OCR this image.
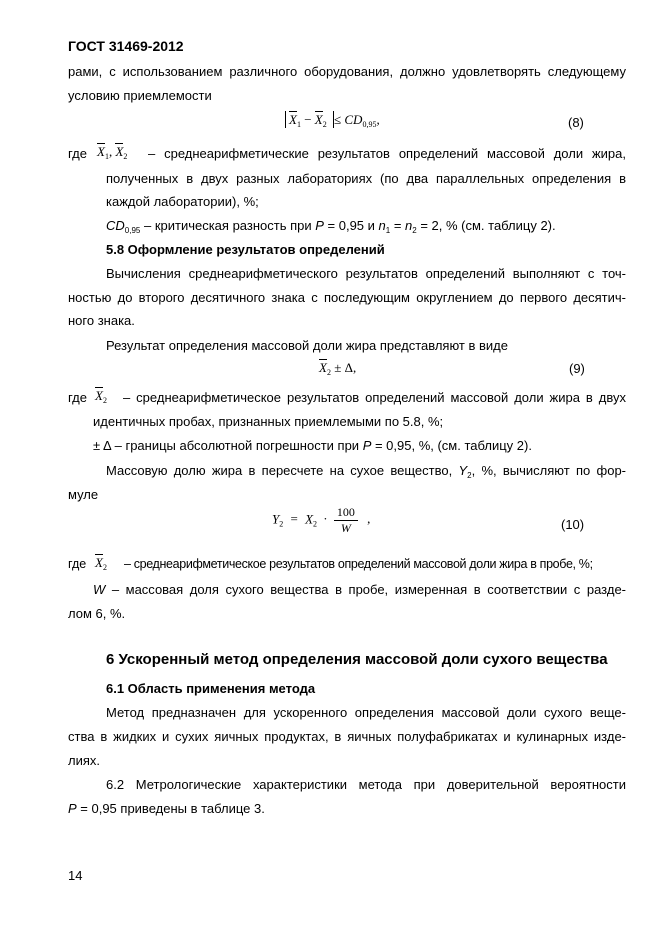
ГОСТ 31469-2012
рами, с использованием различного оборудования, должно удовлетворять следующему
условию приемлемости
$X_1 - X_2 \le CD_{0,95}$,	(8)
где $X_1$, $X_2$ – среднеарифметические результатов определений массовой доли жира,
полученных в двух разных лабораториях (по два параллельных определения в
каждой лаборатории), %;
$CD_{0,95}$ – критическая разность при P = 0,95 и $n_1 = n_2 = 2$, % (см. таблицу 2).
5.8 Оформление результатов определений
Вычисления среднеарифметического результатов определений выполняют с точ-
ностью до второго десятичного знака с последующим округлением до первого десятич-
ного знака.
Результат определения массовой доли жира представляют в виде
$X_2 \pm \Delta$,	(9)
где $X_2$ – среднеарифметическое результатов определений массовой доли жира в двух
идентичных пробах, признанных приемлемыми по 5.8, %;
± Δ – границы абсолютной погрешности при P = 0,95, %, (см. таблицу 2).
Массовую долю жира в пересчете на сухое вещество, $Y_2$, %, вычисляют по фор-
муле
$Y_2 = X_2 \cdot \frac{100}{W}$ ,	(10)
где $X_2$ – среднеарифметическое результатов определений массовой доли жира в пробе, %;
W – массовая доля сухого вещества в пробе, измеренная в соответствии с разде-
лом 6, %.
6 Ускоренный метод определения массовой доли сухого вещества
6.1 Область применения метода
Метод предназначен для ускоренного определения массовой доли сухого веще-
ства в жидких и сухих яичных продуктах, в яичных полуфабрикатах и кулинарных изде-
лиях.
6.2 Метрологические характеристики метода при доверительной вероятности
P = 0,95 приведены в таблице 3.
14
